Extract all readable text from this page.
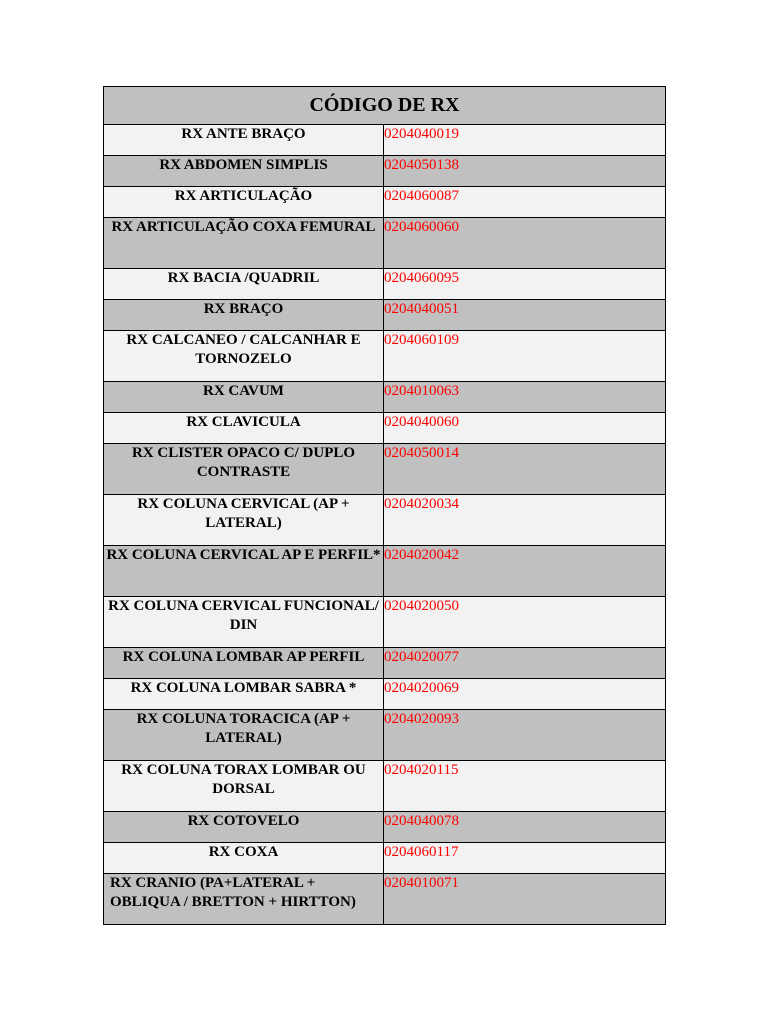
CÓDIGO DE RX	
RX ANTE BRAÇO	0204040019
RX ABDOMEN SIMPLIS	0204050138
RX ARTICULAÇÃO	0204060087
RX ARTICULAÇÃO COXA FEMURAL	0204060060
RX BACIA /QUADRIL	0204060095
RX BRAÇO	0204040051
RX CALCANEO / CALCANHAR E TORNOZELO	0204060109
RX CAVUM	0204010063
RX CLAVICULA	0204040060
RX CLISTER OPACO C/ DUPLO CONTRASTE	0204050014
RX COLUNA CERVICAL (AP + LATERAL)	0204020034
RX COLUNA CERVICAL AP E PERFIL*	0204020042
RX COLUNA CERVICAL FUNCIONAL/ DIN	0204020050
RX COLUNA LOMBAR AP PERFIL	0204020077
RX COLUNA LOMBAR SABRA *	0204020069
RX COLUNA TORACICA (AP + LATERAL)	0204020093
RX COLUNA TORAX LOMBAR OU DORSAL	0204020115
RX COTOVELO	0204040078
RX COXA	0204060117
RX CRANIO (PA+LATERAL + OBLIQUA / BRETTON + HIRTTON)	0204010071
